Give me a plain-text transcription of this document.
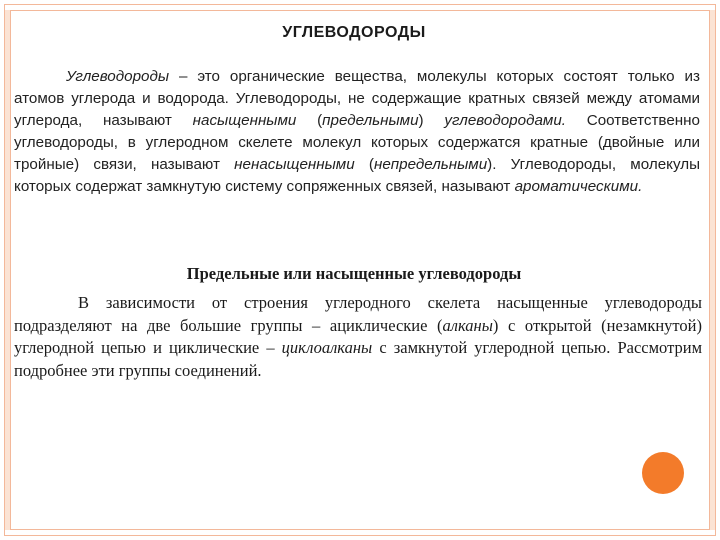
УГЛЕВОДОРОДЫ
Углеводороды – это органические вещества, молекулы которых состоят только из атомов углерода и водорода. Углеводороды, не содержащие кратных связей между атомами углерода, называют насыщенными (предельными) углеводородами. Соответственно углеводороды, в углеродном скелете молекул которых содержатся кратные (двойные или тройные) связи, называют ненасыщенными (непредельными). Углеводороды, молекулы которых содержат замкнутую систему сопряженных связей, называют ароматическими.
Предельные или насыщенные углеводороды
В зависимости от строения углеродного скелета насыщенные углеводороды подразделяют на две большие группы – ациклические (алканы) с открытой (незамкнутой) углеродной цепью и циклические – циклоалканы с замкнутой углеродной цепью. Рассмотрим подробнее эти группы соединений.
